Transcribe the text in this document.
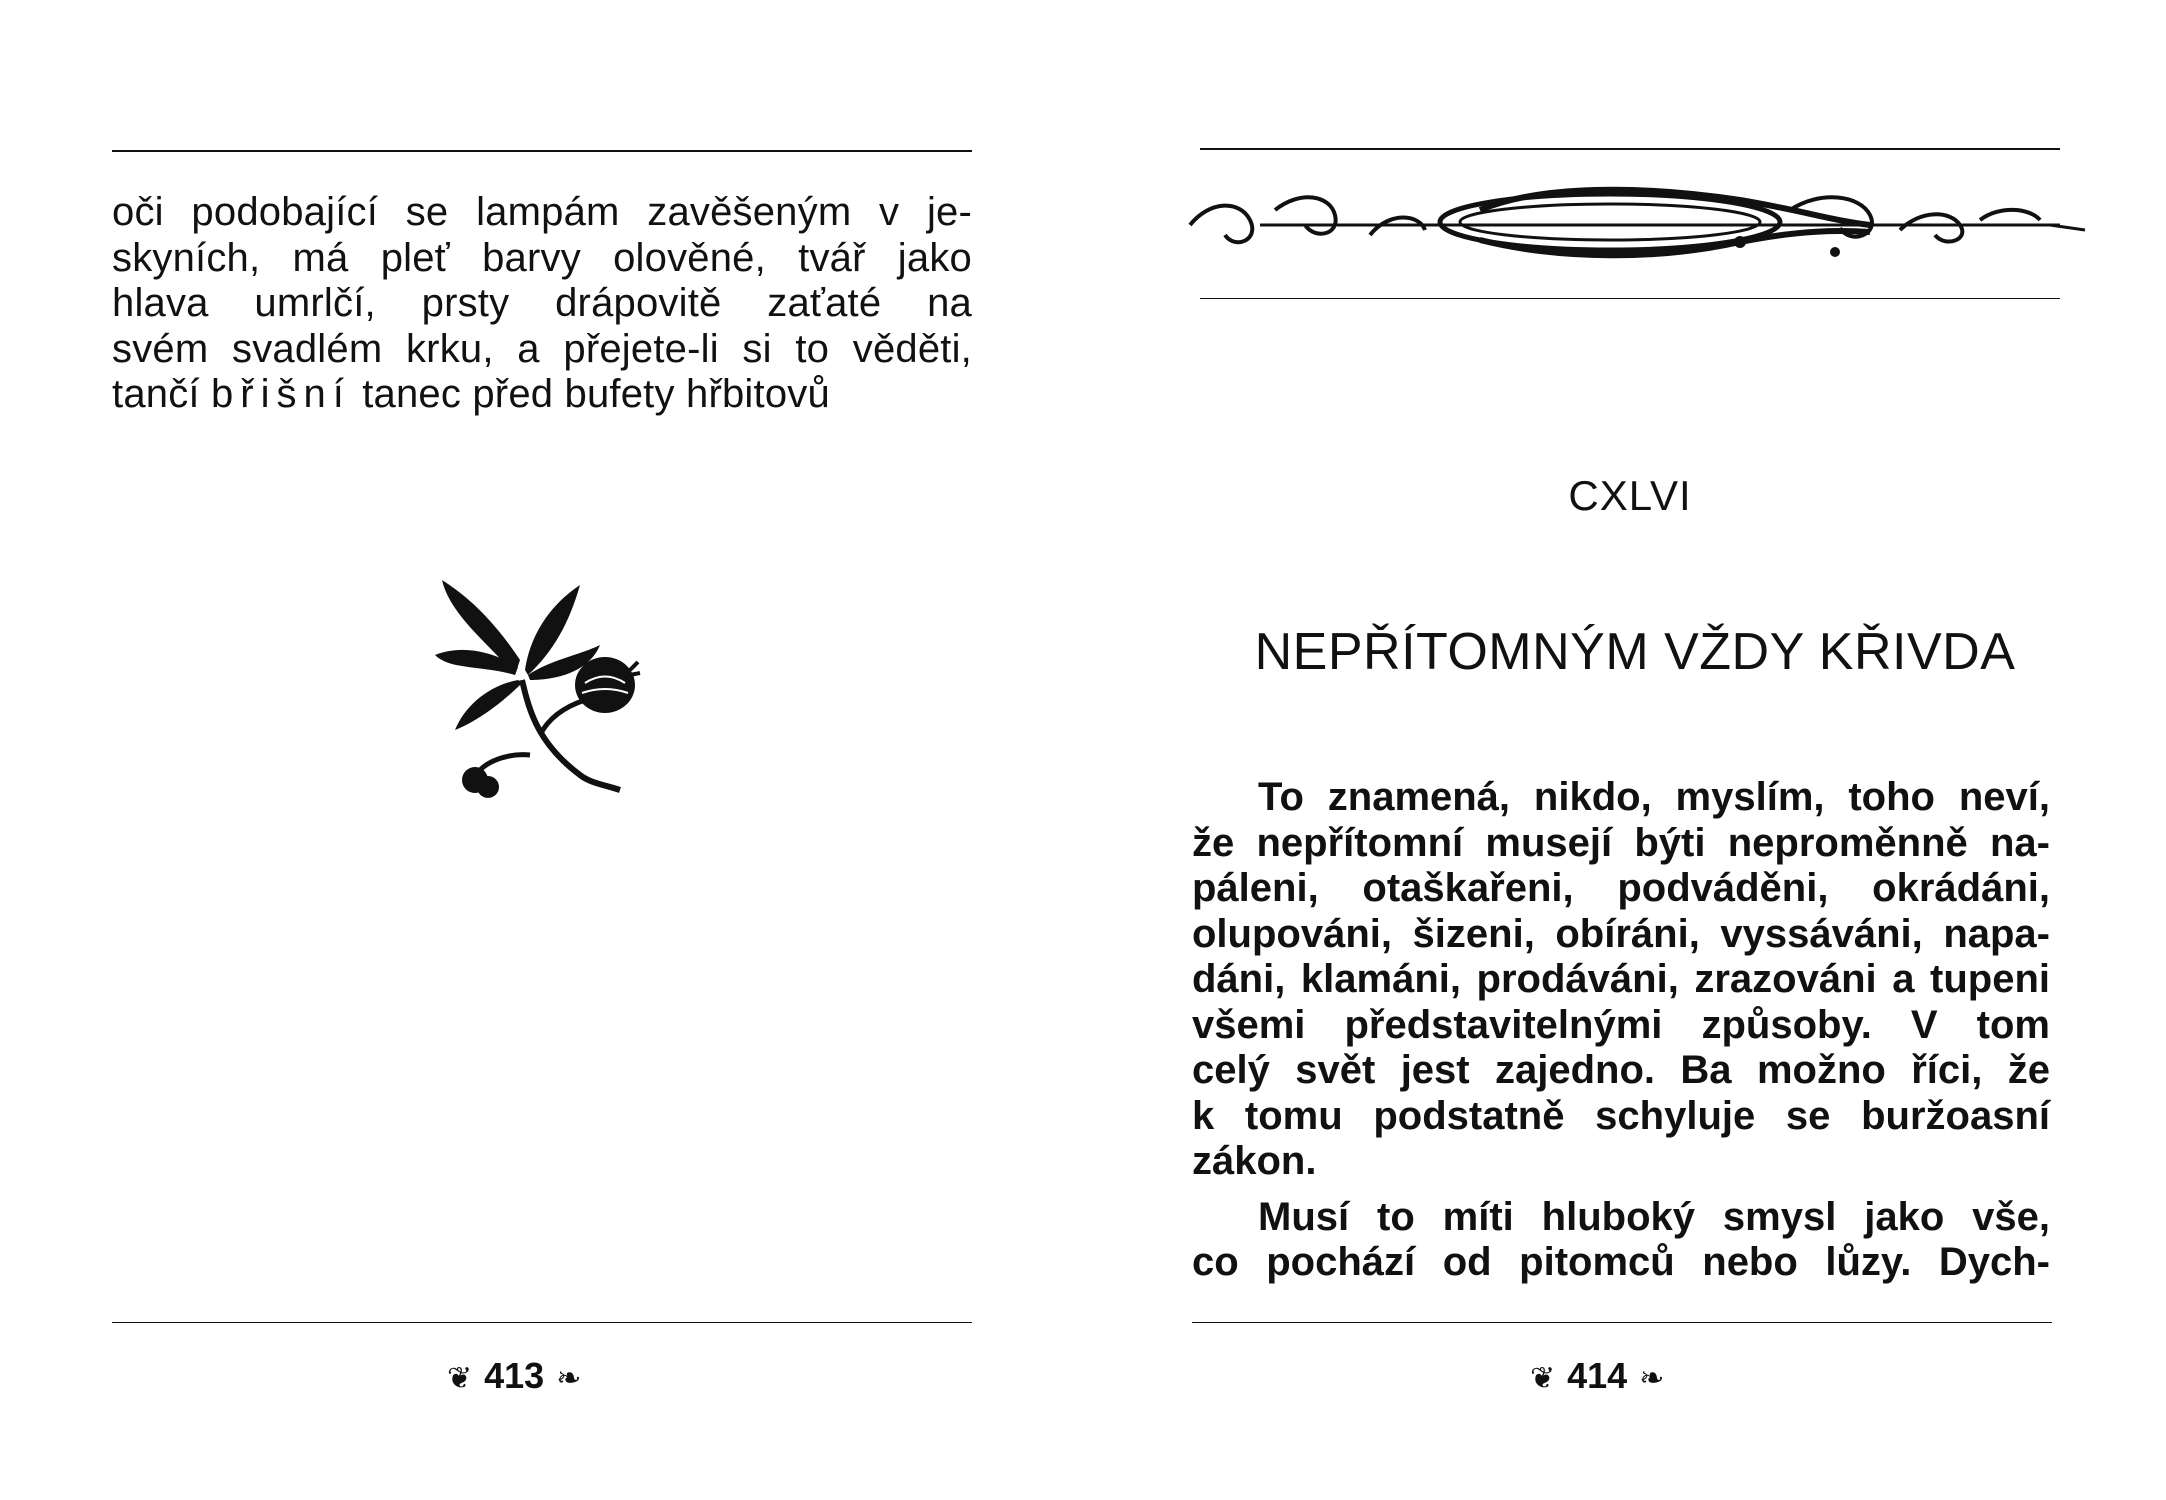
oči podobající se lampám zavěšeným v je-
skyních, má pleť barvy olověné, tvář jako
hlava umrlčí, prsty drápovitě zaťaté na
svém svadlém krku, a přejete-li si to věděti,
tančí břišní tanec před bufety hřbitovů
❦ 413 ❧
CXLVI
NEPŘÍTOMNÝM VŽDY KŘIVDA
To znamená, nikdo, myslím, toho neví,
že nepřítomní musejí býti neproměnně na-
páleni, otaškařeni, podváděni, okrádáni,
olupováni, šizeni, obíráni, vyssáváni, napa-
dáni, klamáni, prodáváni, zrazováni a tupeni
všemi představitelnými způsoby. V tom
celý svět jest zajedno. Ba možno říci, že
k tomu podstatně schyluje se buržoasní
zákon.
Musí to míti hluboký smysl jako vše,
co pochází od pitomců nebo lůzy. Dych-
❦ 414 ❧
